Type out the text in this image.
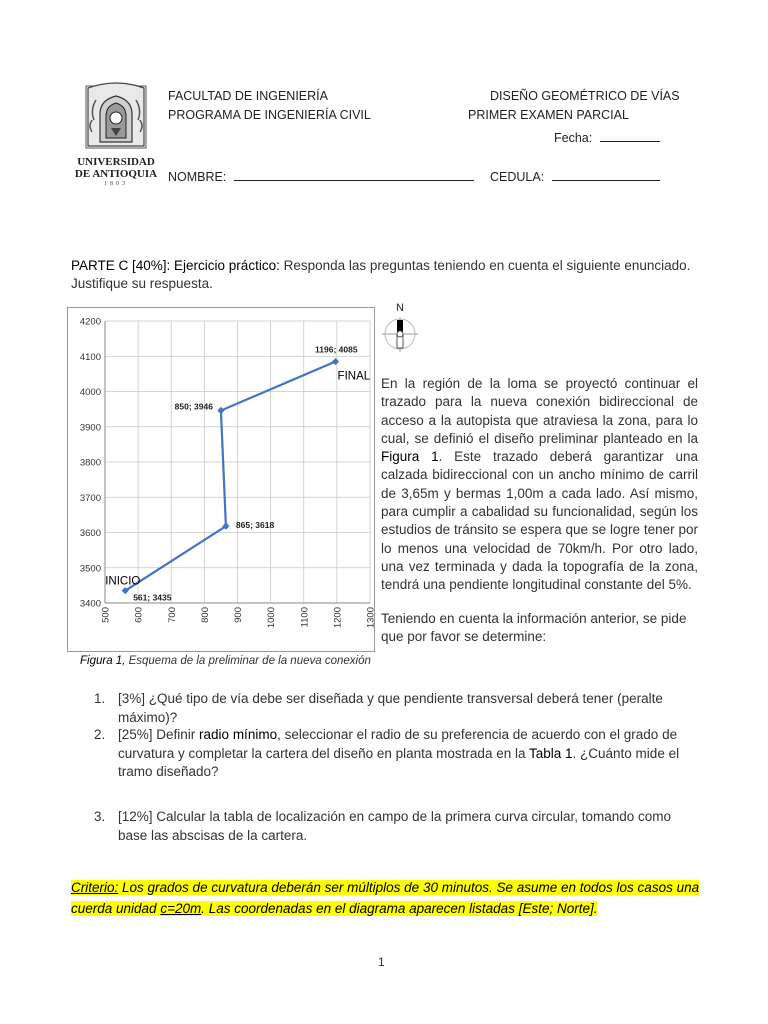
UNIVERSIDAD
DE ANTIOQUIA
1803
FACULTAD DE INGENIERÍA
PROGRAMA DE INGENIERÍA CIVIL
DISEÑO GEOMÉTRICO DE VÍAS
PRIMER EXAMEN PARCIAL
Fecha:
NOMBRE:	CEDULA:
PARTE C [40%]: Ejercicio práctico: Responda las preguntas teniendo en cuenta el siguiente enunciado. Justifique su respuesta.
3400
3500
3600
3700
3800
3900
4000
4100
4200
500 600 700 800 900 1000 1100 1200 1300
561; 3435
865; 3618
850; 3946
1196; 4085
INICIO
FINAL
N
En la región de la loma se proyectó continuar el trazado para la nueva conexión bidireccional de acceso a la autopista que atraviesa la zona, para lo cual, se definió el diseño preliminar planteado en la Figura 1. Este trazado deberá garantizar una calzada bidireccional con un ancho mínimo de carril de 3,65m y bermas 1,00m a cada lado. Así mismo, para cumplir a cabalidad su funcionalidad, según los estudios de tránsito se espera que se logre tener por lo menos una velocidad de 70km/h. Por otro lado, una vez terminada y dada la topografía de la zona, tendrá una pendiente longitudinal constante del 5%.
Teniendo en cuenta la información anterior, se pide que por favor se determine:
Figura 1, Esquema de la preliminar de la nueva conexión
1. [3%] ¿Qué tipo de vía debe ser diseñada y que pendiente transversal deberá tener (peralte máximo)?
2. [25%] Definir radio mínimo, seleccionar el radio de su preferencia de acuerdo con el grado de curvatura y completar la cartera del diseño en planta mostrada en la Tabla 1. ¿Cuánto mide el tramo diseñado?
3. [12%] Calcular la tabla de localización en campo de la primera curva circular, tomando como base las abscisas de la cartera.
Criterio: Los grados de curvatura deberán ser múltiplos de 30 minutos. Se asume en todos los casos una cuerda unidad c=20m. Las coordenadas en el diagrama aparecen listadas [Este; Norte].
1
